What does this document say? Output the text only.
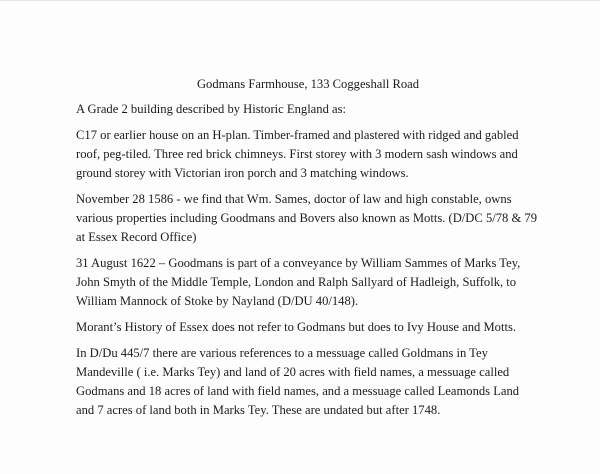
Godmans Farmhouse, 133 Coggeshall Road

A Grade 2 building described by Historic England as:

C17 or earlier house on an H-plan. Timber-framed and plastered with ridged and gabled roof, peg-tiled. Three red brick chimneys. First storey with 3 modern sash windows and ground storey with Victorian iron porch and 3 matching windows.

November 28 1586 - we find that Wm. Sames, doctor of law and high constable, owns various properties including Goodmans and Bovers also known as Motts. (D/DC 5/78 & 79 at Essex Record Office)

31 August 1622 – Goodmans is part of a conveyance by William Sammes of Marks Tey, John Smyth of the Middle Temple, London and Ralph Sallyard of Hadleigh, Suffolk, to William Mannock of Stoke by Nayland (D/DU 40/148).

Morant’s History of Essex does not refer to Godmans but does to Ivy House and Motts.

In D/Du 445/7 there are various references to a messuage called Goldmans in Tey Mandeville ( i.e. Marks Tey) and land of 20 acres with field names, a messuage called Godmans and 18 acres of land with field names, and a messuage called Leamonds Land and 7 acres of land both in Marks Tey. These are undated but after 1748.
